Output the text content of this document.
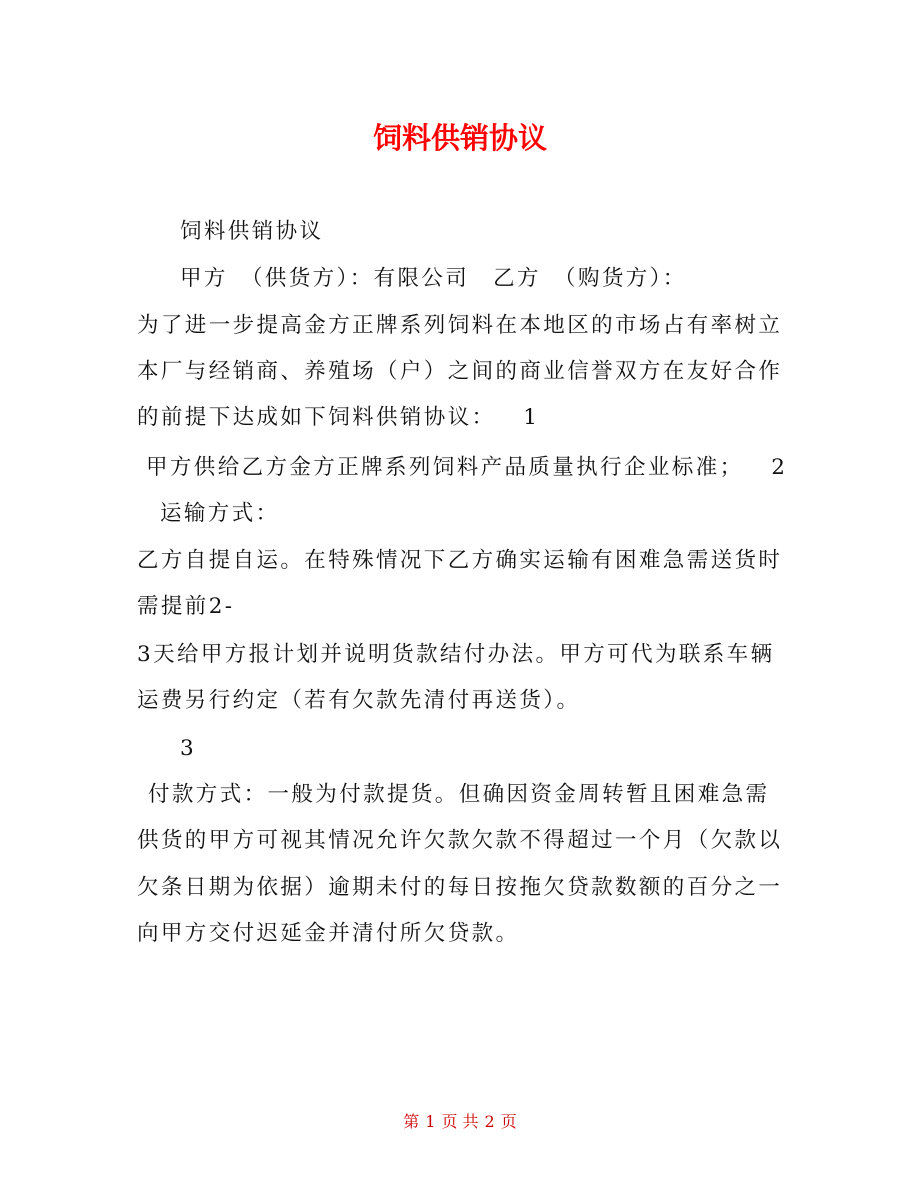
饲料供销协议
饲料供销协议
甲方　（供货方）：有限公司　乙方　（购货方）：
为了进一步提高金方正牌系列饲料在本地区的市场占有率树立
本厂与经销商、养殖场（户）之间的商业信誉双方在友好合作
的前提下达成如下饲料供销协议：   1
甲方供给乙方金方正牌系列饲料产品质量执行企业标准；   2
运输方式：
乙方自提自运。在特殊情况下乙方确实运输有困难急需送货时
需提前2-
3天给甲方报计划并说明货款结付办法。甲方可代为联系车辆
运费另行约定（若有欠款先清付再送货）。
3
付款方式：一般为付款提货。但确因资金周转暂且困难急需
供货的甲方可视其情况允许欠款欠款不得超过一个月（欠款以
欠条日期为依据）逾期未付的每日按拖欠贷款数额的百分之一
向甲方交付迟延金并清付所欠贷款。
第 1 页 共 2 页
